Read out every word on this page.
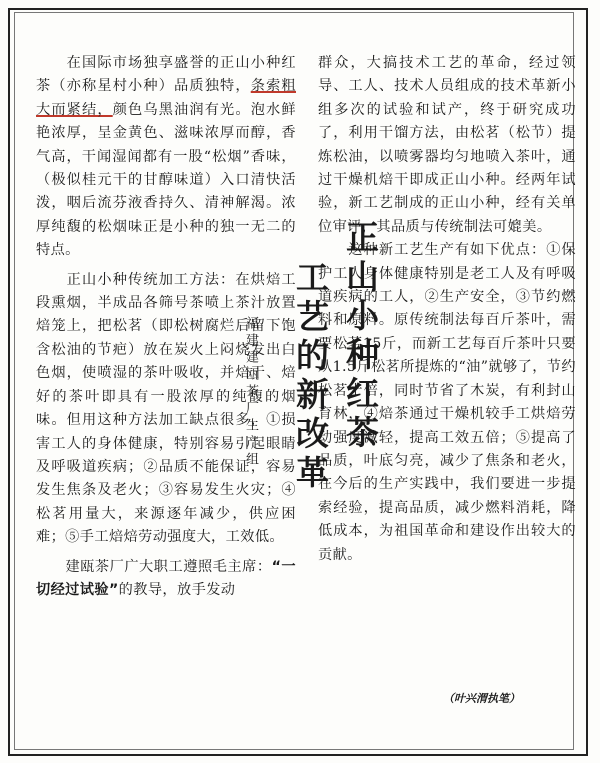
　　在国际市场独享盛誉的正山小种红茶（亦称星村小种）品质独特，条索粗大而紧结，颜色乌黑油润有光。泡水鲜艳浓厚，呈金黄色、滋味浓厚而醇，香气高，干闻湿闻都有一股“松烟”香味，（极似桂元干的甘醇味道）入口清快活泼，咽后流芬液香持久、清神解渴。浓厚纯馥的松烟味正是小种的独一无二的特点。

　　正山小种传统加工方法：在烘焙工段熏烟，半成品各筛号茶喷上茶汁放置焙笼上，把松茗（即松树腐烂后留下饱含松油的节疤）放在炭火上闷烧发出白色烟，使喷湿的茶叶吸收，并焙干、焙好的茶叶即具有一股浓厚的纯馥的烟味。但用这种方法加工缺点很多，①损害工人的身体健康，特别容易引起眼睛及呼吸道疾病；②品质不能保证，容易发生焦条及老火；③容易发生火灾；④松茗用量大，来源逐年减少，供应困难；⑤手工焙焙劳动强度大，工效低。

　　建瓯茶厂广大职工遵照毛主席：“一切经过试验”的教导，放手发动

正山小种红茶
工艺的新改革
福建建瓯茶厂生产组

群众，大搞技术工艺的革命，经过领导、工人、技术人员组成的技术革新小组多次的试验和试产，终于研究成功了，利用干馏方法，由松茗（松节）提炼松油，以喷雾器均匀地喷入茶叶，通过干燥机焙干即成正山小种。经两年试验，新工艺制成的正山小种，经有关单位审评，其品质与传统制法可媲美。

　　这种新工艺生产有如下优点：①保护工人身体健康特别是老工人及有呼吸道疾病的工人，②生产安全，③节约燃料和原料。原传统制法每百斤茶叶，需要松茗15斤，而新工艺每百斤茶叶只要从1.5斤松茗所提炼的“油”就够了，节约松茗十倍，同时节省了木炭，有利封山育林，④焙茶通过干燥机较手工烘焙劳动强度减轻，提高工效五倍；⑤提高了品质，叶底匀亮，减少了焦条和老火，在今后的生产实践中，我们要进一步提索经验，提高品质，减少燃料消耗，降低成本，为祖国革命和建设作出较大的贡献。

（叶兴渭执笔）
